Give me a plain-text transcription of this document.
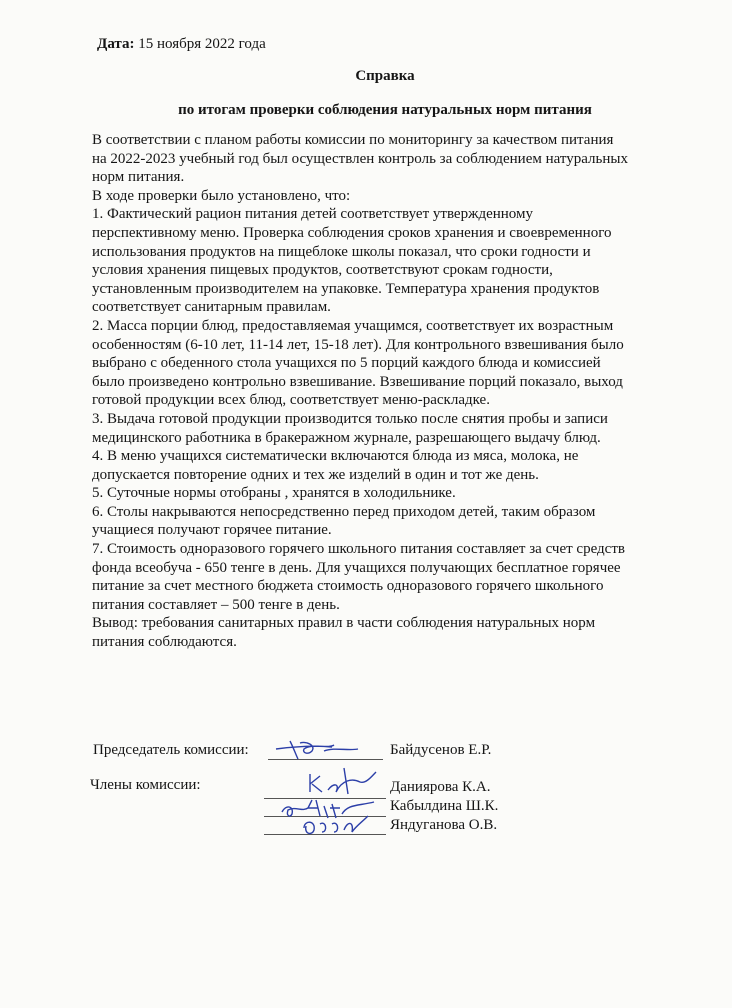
Дата: 15 ноября 2022 года
Справка
по итогам проверки соблюдения натуральных норм питания
В соответствии с планом работы комиссии по мониторингу за качеством питания
на 2022-2023 учебный год был осуществлен контроль за соблюдением натуральных
норм питания.
В ходе проверки было установлено, что:
1. Фактический рацион питания детей соответствует утвержденному
перспективному меню. Проверка соблюдения сроков хранения и своевременного
использования продуктов на пищеблоке школы показал, что сроки годности и
условия хранения пищевых продуктов, соответствуют срокам годности,
установленным производителем на упаковке. Температура хранения продуктов
соответствует санитарным правилам.
2. Масса порции блюд, предоставляемая учащимся, соответствует их возрастным
особенностям (6-10 лет, 11-14 лет, 15-18 лет). Для контрольного взвешивания было
выбрано с обеденного стола учащихся по 5 порций каждого блюда и комиссией
было произведено контрольно взвешивание. Взвешивание порций показало, выход
готовой продукции всех блюд, соответствует меню-раскладке.
3. Выдача готовой продукции производится только после снятия пробы и записи
медицинского работника в бракеражном журнале, разрешающего выдачу блюд.
4. В меню учащихся систематически включаются блюда из мяса, молока, не
допускается повторение одних и тех же изделий в один и тот же день.
5. Суточные нормы отобраны , хранятся в холодильнике.
6. Столы накрываются непосредственно перед приходом детей, таким образом
учащиеся получают горячее питание.
7. Стоимость одноразового горячего школьного питания составляет за счет средств
фонда всеобуча - 650 тенге в день. Для учащихся получающих бесплатное горячее
питание за счет местного бюджета стоимость одноразового горячего школьного
питания составляет – 500 тенге в день.
Вывод: требования санитарных правил в части соблюдения натуральных норм
питания соблюдаются.
Председатель комиссии:	Байдусенов Е.Р.
Члены комиссии:	Даниярова К.А.
Кабылдина Ш.К.
Яндуганова О.В.
